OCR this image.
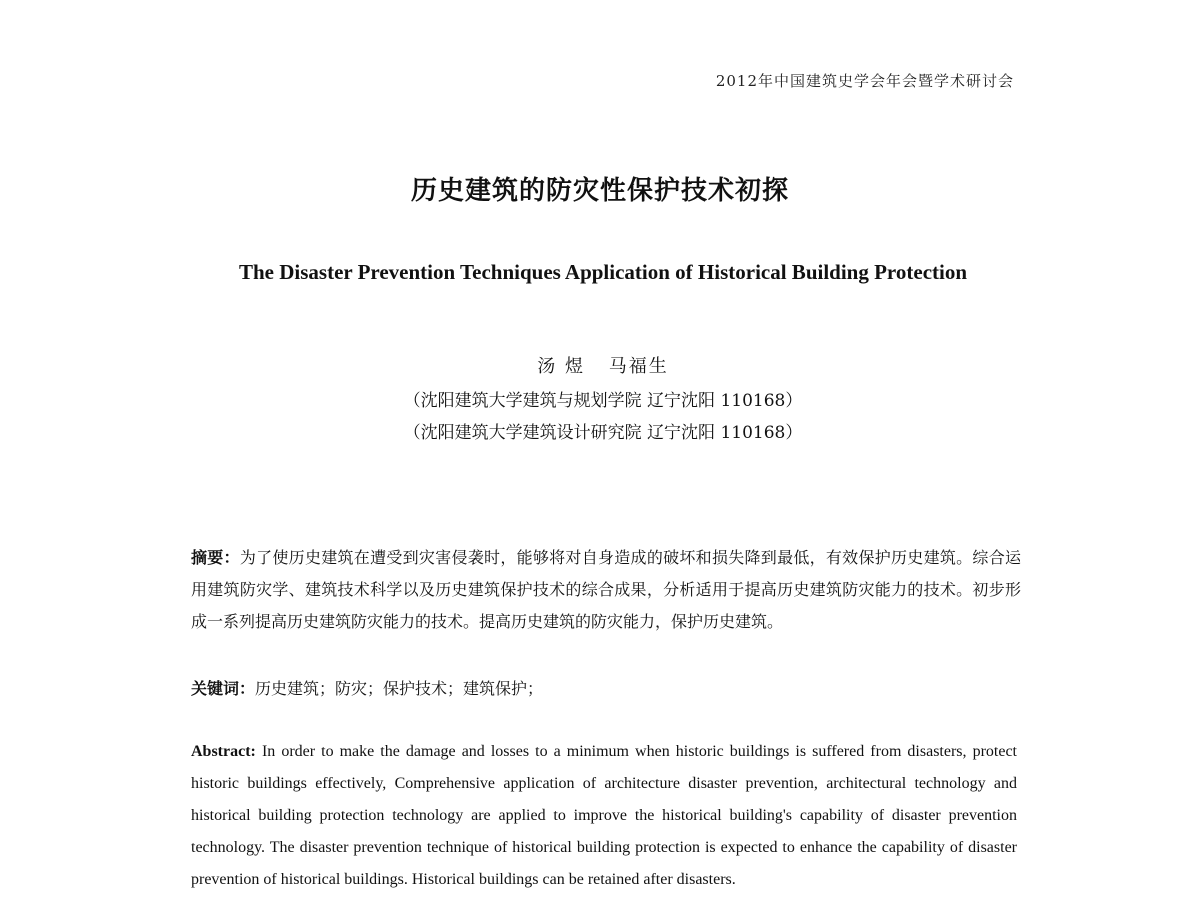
2012年中国建筑史学会年会暨学术研讨会
历史建筑的防灾性保护技术初探
The Disaster Prevention Techniques Application of Historical Building Protection
汤 煜 马福生
（沈阳建筑大学建筑与规划学院 辽宁沈阳 110168）
（沈阳建筑大学建筑设计研究院 辽宁沈阳 110168）
摘要：为了使历史建筑在遭受到灾害侵袭时，能够将对自身造成的破坏和损失降到最低，有效保护历史建筑。综合运用建筑防灾学、建筑技术科学以及历史建筑保护技术的综合成果，分析适用于提高历史建筑防灾能力的技术。初步形成一系列提高历史建筑防灾能力的技术。提高历史建筑的防灾能力，保护历史建筑。
关键词：历史建筑；防灾；保护技术；建筑保护；
Abstract: In order to make the damage and losses to a minimum when historic buildings is suffered from disasters, protect historic buildings effectively, Comprehensive application of architecture disaster prevention, architectural technology and historical building protection technology are applied to improve the historical building's capability of disaster prevention technology. The disaster prevention technique of historical building protection is expected to enhance the capability of disaster prevention of historical buildings. Historical buildings can be retained after disasters.
